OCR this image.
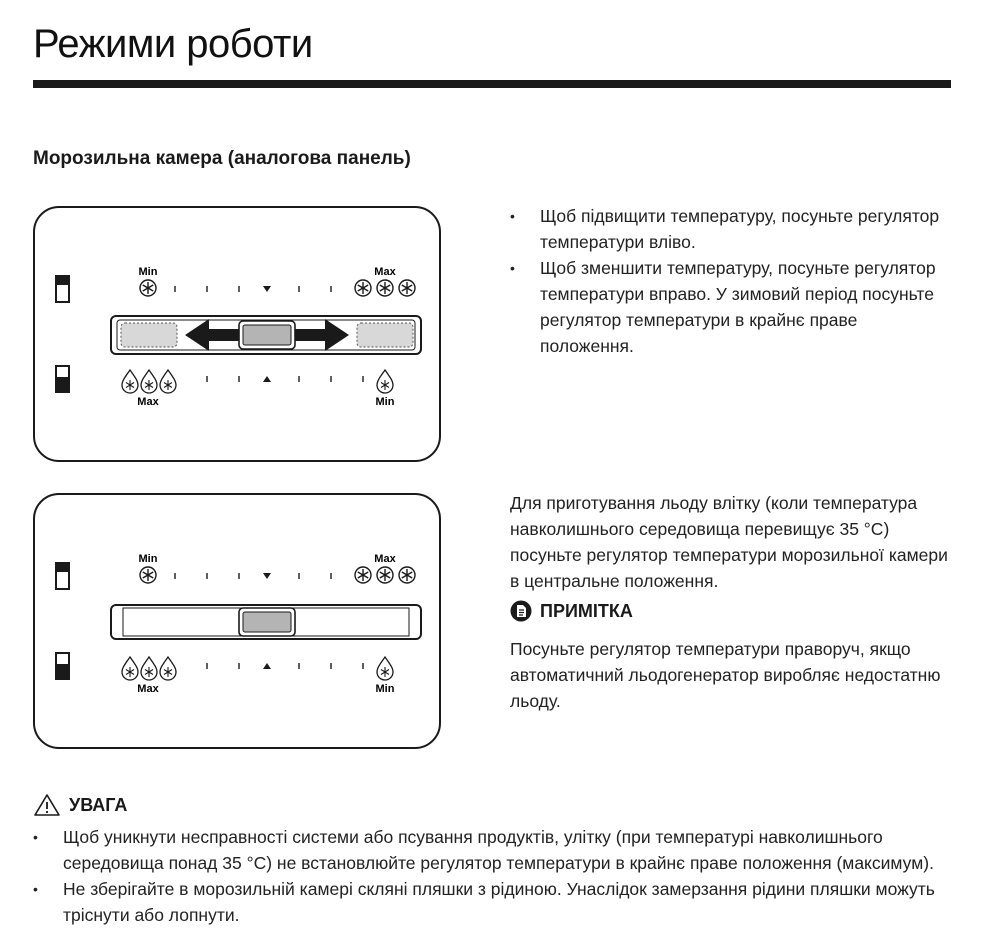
Режими роботи
Морозильна камера (аналогова панель)
Min	Max
Max	Min
• Щоб підвищити температуру, посуньте регулятор температури вліво.
• Щоб зменшити температуру, посуньте регулятор температури вправо. У зимовий період посуньте регулятор температури в крайнє праве положення.
Min	Max
Max	Min

Для приготування льоду влітку (коли температура навколишнього середовища перевищує 35 °C) посуньте регулятор температури морозильної камери в центральне положення.

ПРИМІТКА

Посуньте регулятор температури праворуч, якщо автоматичний льодогенератор виробляє недостатню льоду.

УВАГА
• Щоб уникнути несправності системи або псування продуктів, улітку (при температурі навколишнього середовища понад 35 °C) не встановлюйте регулятор температури в крайнє праве положення (максимум).
• Не зберігайте в морозильній камері скляні пляшки з рідиною. Унаслідок замерзання рідини пляшки можуть тріснути або лопнути.
